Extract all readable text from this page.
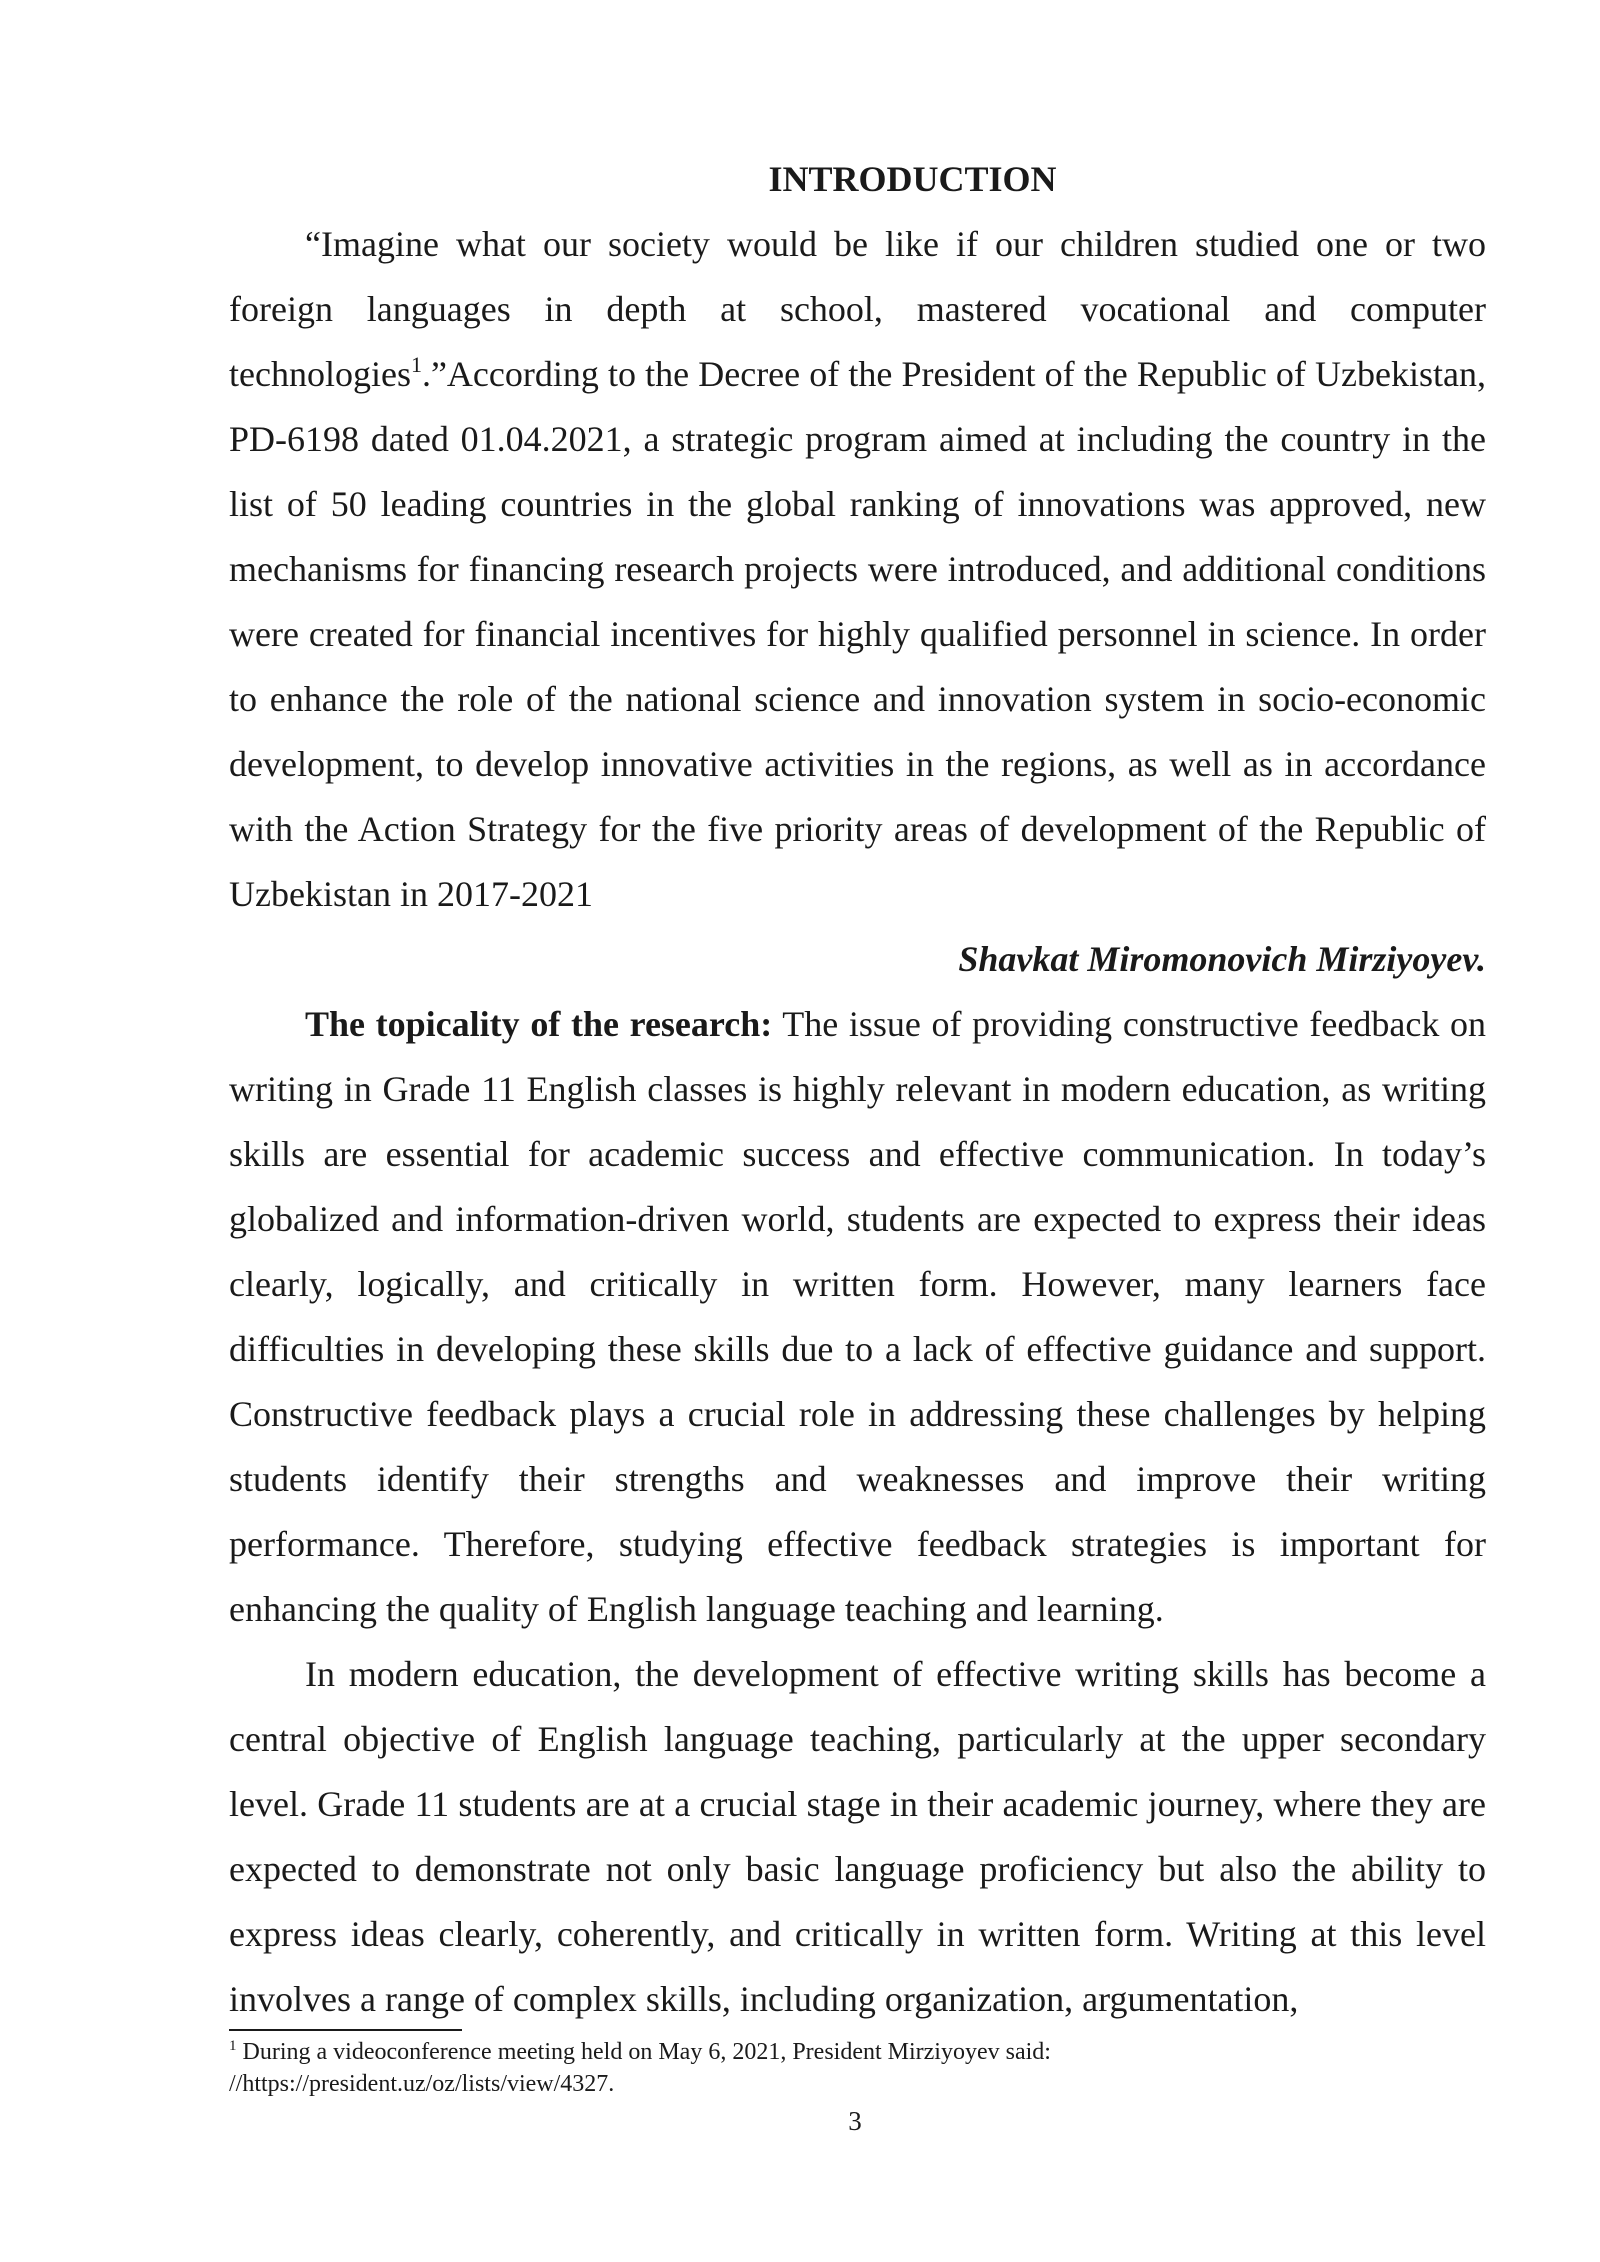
INTRODUCTION

“Imagine what our society would be like if our children studied one or two foreign languages in depth at school, mastered vocational and computer technologies$^1$.”According to the Decree of the President of the Republic of Uzbekistan, PD-6198 dated 01.04.2021, a strategic program aimed at including the country in the list of 50 leading countries in the global ranking of innovations was approved, new mechanisms for financing research projects were introduced, and additional conditions were created for financial incentives for highly qualified personnel in science. In order to enhance the role of the national science and innovation system in socio-economic development, to develop innovative activities in the regions, as well as in accordance with the Action Strategy for the five priority areas of development of the Republic of Uzbekistan in 2017-2021

Shavkat Miromonovich Mirziyoyev.

The topicality of the research: The issue of providing constructive feedback on writing in Grade 11 English classes is highly relevant in modern education, as writing skills are essential for academic success and effective communication. In today’s globalized and information-driven world, students are expected to express their ideas clearly, logically, and critically in written form. However, many learners face difficulties in developing these skills due to a lack of effective guidance and support. Constructive feedback plays a crucial role in addressing these challenges by helping students identify their strengths and weaknesses and improve their writing performance. Therefore, studying effective feedback strategies is important for enhancing the quality of English language teaching and learning.

In modern education, the development of effective writing skills has become a central objective of English language teaching, particularly at the upper secondary level. Grade 11 students are at a crucial stage in their academic journey, where they are expected to demonstrate not only basic language proficiency but also the ability to express ideas clearly, coherently, and critically in written form. Writing at this level involves a range of complex skills, including organization, argumentation,

$^1$ During a videoconference meeting held on May 6, 2021, President Mirziyoyev said:
//https://president.uz/oz/lists/view/4327.
3
